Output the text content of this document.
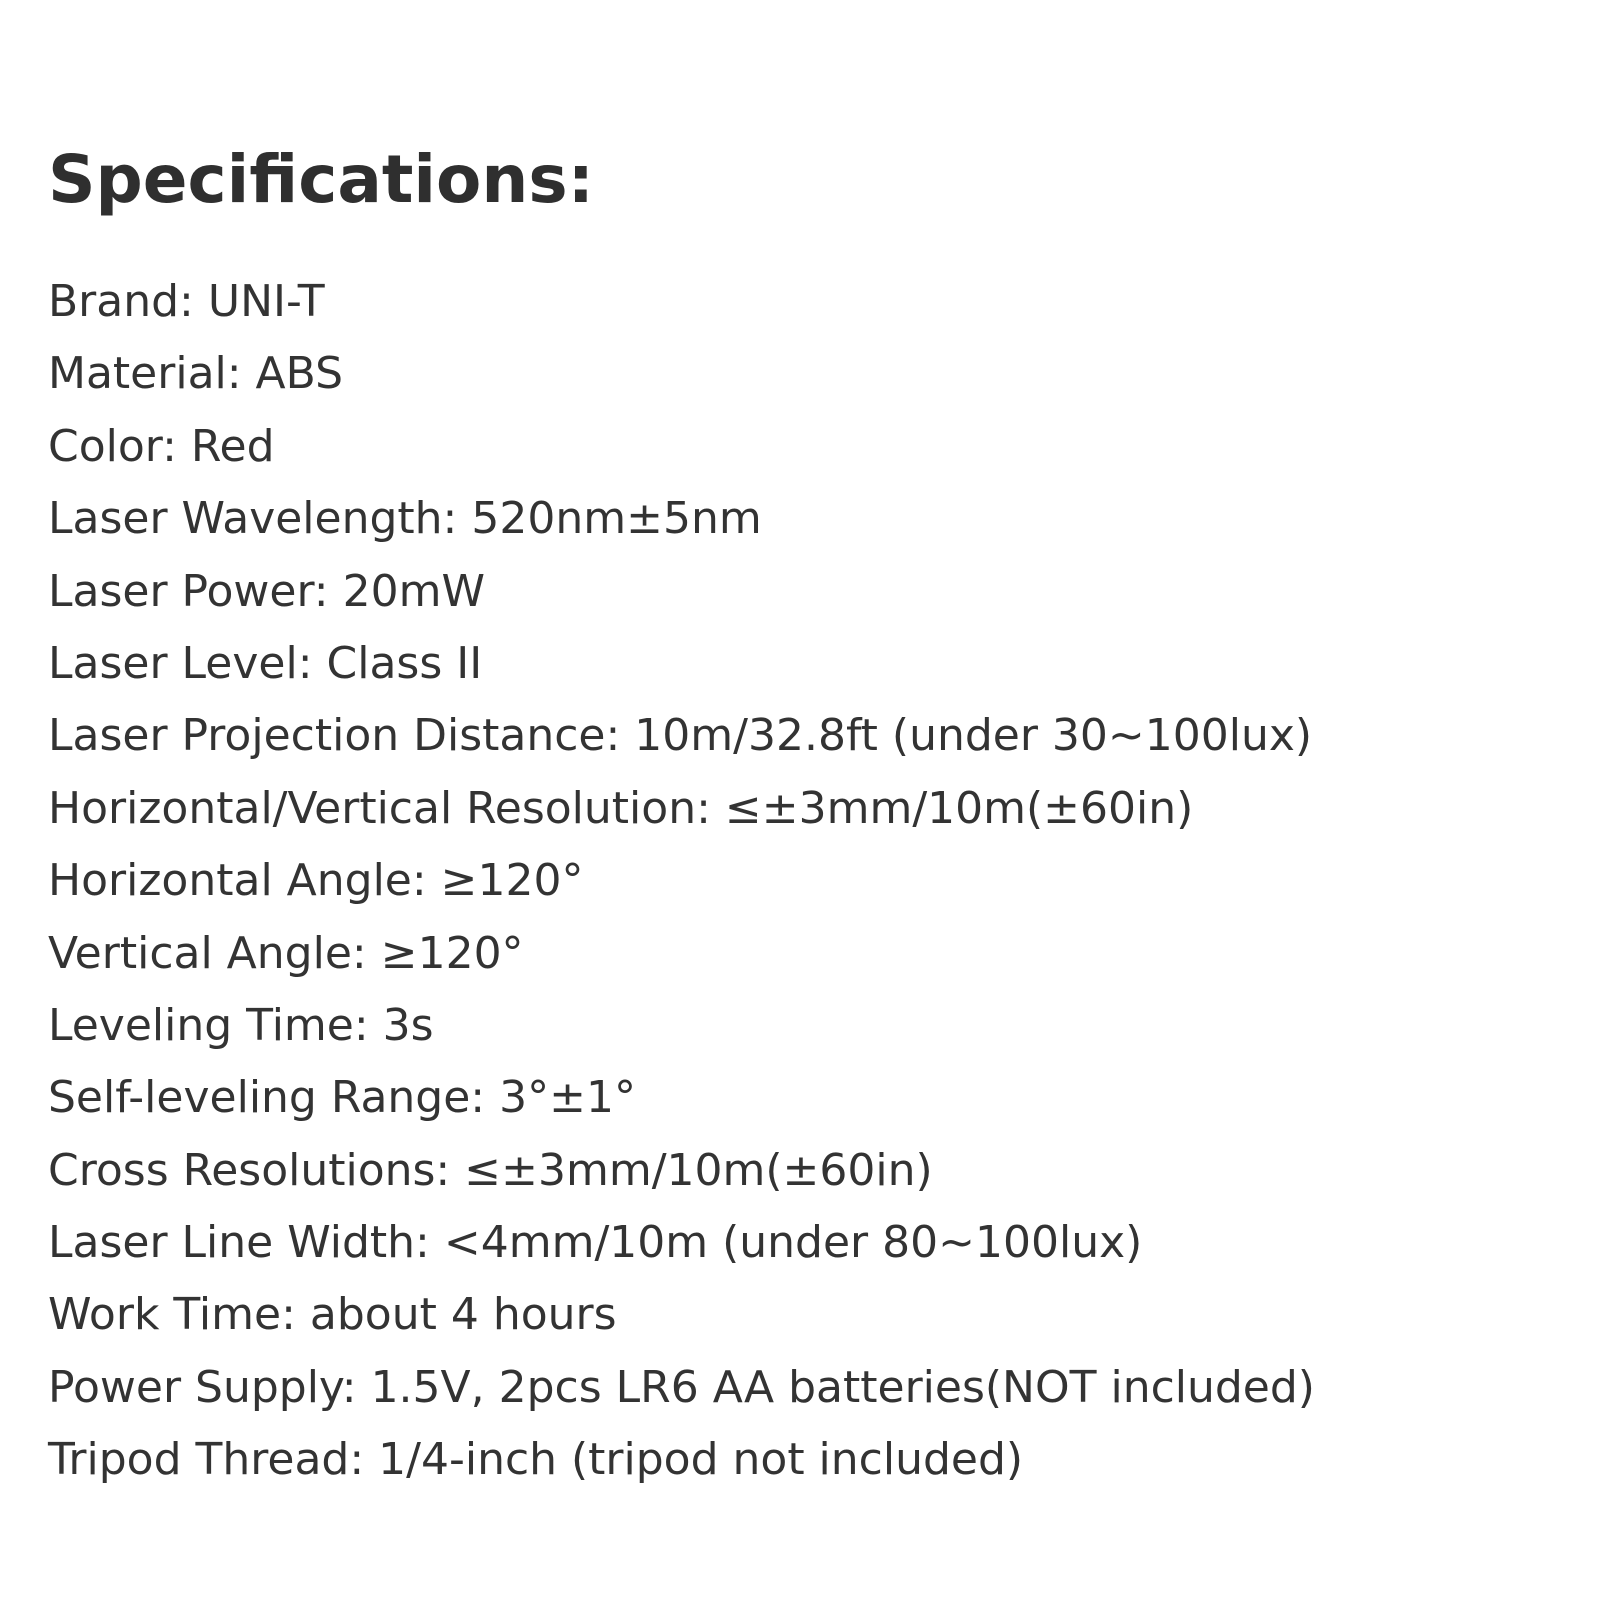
Specifications:
Brand: UNI-T
Material: ABS
Color: Red
Laser Wavelength: 520nm±5nm
Laser Power: 20mW
Laser Level: Class II
Laser Projection Distance: 10m/32.8ft (under 30~100lux)
Horizontal/Vertical Resolution: ≤±3mm/10m(±60in)
Horizontal Angle: ≥120°
Vertical Angle: ≥120°
Leveling Time: 3s
Self-leveling Range: 3°±1°
Cross Resolutions: ≤±3mm/10m(±60in)
Laser Line Width: <4mm/10m (under 80~100lux)
Work Time: about 4 hours
Power Supply: 1.5V, 2pcs LR6 AA batteries(NOT included)
Tripod Thread: 1/4-inch (tripod not included)
